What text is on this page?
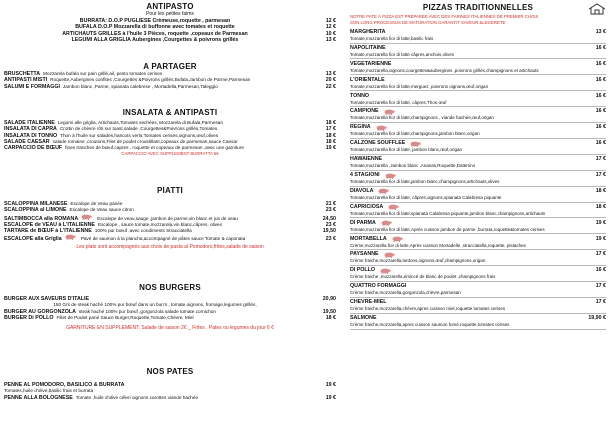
ANTIPASTO
Pour les petites faims
BURRATA: D.O.P PUGLIESE Crèmeuse,roquette , parmesan	12 €
BUFALA D.O.P Mozzarella di buffonne avec tomates et roquette	12 €
ARTICHAUTS GRILLES à l'huile 3 Pièces, roquette ,copeaux de Parmesan	10 €
LEGUMI ALLA GRIGLIA Aubergines ,Courgettes & poivrons grillés	13 €
A PARTAGER
BRUSCHETTA Mozzarela bufala sur pain grillé,ail, pesto tomates cerises	13 €
ANTIPASTI MISTI Roquette,Aubergines confites ,Courgettes &Poivrons grillés,Bufala,Jambon de Parme,Parmesan	20 €
SALUMI E FORMAGGI Jambon blanc ,Parme, spianata calebrese , Mortadella,Parmesan,Taleggio	22 €
INSALATA & ANTIPASTI
SALADE ITALIENNE Legumi alle griglia, Artichauts,Tomates sechées, Mozzarela di Bufala,Parmesan	18 €
INSALATA DI CAPRA Crottin de chèvre rôti sur toast,salade ,Courgettes&Poivrons grillés,Tomates	17 €
INSALATA DI TONNO Thon à l'huile sur salades,haricots verts,Tomates cerises,oignons,œuf,olives	18 €
SALADE CAESAR salade romaine ,croutons,Filet de poulet croustillant,copeaux de parmesan,sauce Caesar	18 €
CARPACCIO DE BŒUF fines tranches de bœuf,capres , roquette et copeaux de parmesan ,avec une garniture	19 €
CARPACCIO AVEC SUPPLEMENT BURRATTA 5€
PIATTI
SCALOPPINA MILANESE Escalope de Veau panée	21 €
SCALOPPINA al LIMONE Escalope de Veau sauce citron	23 €
SALTIMBOCCA alla ROMANA	Escalope de veau,sauge ,jambon de parme,vin blanc et jus de veau	24,50
ESCALOPE de VEAU à L'ITALIENNE Escalope , sauce tomate,mozzarela,vin blanc,câpres, olives	23 €
TARTARE de BŒUF à L'ITALIENNE 100% pur bœuf ,avec condiments Stracciatella	19,50
ESCALOPE alla Griglia	Pavé de saumon à la plancha,accompagné de pâtes sauce Tomate & caponata	23 €
Les plats sont accompagnés aux choix de pasta al Pomodoro,frites,salade de saison
NOS BURGERS
BURGER AUX SAVEURS D'ITALIE	20,90
150 Grs de steak haché 100% pur bœuf dans un bun's , tomate,oignons, fromage,legumes grillés,
BURGER AU GORGONZOLA steak haché 100% pur bœuf ,gorgonzola salade tomate cornichon	19,50
BURGER Di POLLO Fillet de Poulet pané Sauce Burger,Roquette,Tomate,Chèvre, Miel	18 €
GARNITURE EN SUPPLÉMENT: Salade de saison 2€ _ Frites , Pates ou legumes du jour 6 €
NOS PATES
PENNE AL POMODORO, BASILICO & BURRATA	19 €
Tomates,huile d'olive,basilic frais et burrata
PENNE ALLA BOLOGNESE Tomate ,huile d'olive céleri oignons carottes viande hachée	19 €
PIZZAS TRADITIONNELLES
NOTRE PATE À PIZZA EST PRÉPARÉE AVEC DES FARINES ITALIENNES DE PREMIER CHOIX
SON LONG PROCESSUS DE MATURATION GARANTIT SAVEUR &LEGERETE
MARGHERITA	13 €
Tomate,mozzarella fior di latte,basilic frais
NAPOLITAINE	16 €
Tomate,mozzarella fior di latte câpres,anchois,olives
VÉGÉTARIENNE	16 €
Tomate,mozzarella,oignons,courgettes&aubergines ,poivrons grillés,champignons et artichauts
L'ORIENTALE	16 €
Tomate,mozzarella fior di latte,merguez, poivrons oignons,œuf,origan
TONNO	16 €
Tomate,mozzarella fior di latte, câpres,Thon,œuf
CAMPIONE	16 €
Tomate,mozzarella fior di latte,champignons , viande hachée,œuf,origan
REGINA	16 €
Tomate,mozzarella fior di latte,champignons,jambon blanc,origan
CALZONE SOUFFLÉE	16 €
Tomate,mozzarella fior di latte, jambon blanc,œuf,origan
HAWAIENNE	17 €
Tomate,mozzarella ,Jambon blanc ,Ananas,Roquette,Datterino
4 STAGIONI	17 €
Tomate,mozzarella fior di latte,jambon blanc,champignons,artichauts,olives
DIAVOLA	18 €
Tomate,mozzarella fior di latte, câpres,oignons,spianata Calabresa piquante
CAPRICIOSA	18 €
Tomate,mozzarella fior di latte,spianata Calabresa piquante,jambon blanc,champignons,artichauts
DI PARMA	19 €
Tomate,mozzarella fior di latte,Après cuisson jambon de parme ,burrata,roquette&tomates cerises
MORTABELLA	19 €
Crème,mozzarella fior di latte,Après cuisson Mortadelle ,stracciatella,roquette, pistaches
PAYSANNE	17 €
Crème fraiche,mozzarella,lardons,oignons,œuf,champignons,origan
DI POLLO	16 €
Crème fraiche ,mozzarella,émincé de blanc de poulet ,champignons frais
QUATTRO FORMAGGI	17 €
Crème fraiche,mozzarella,gorgonzola,chèvre,parmesan
CHÈVRE-MIEL	17 €
Crème fraiche,mozzarella,chèvre,apres cuisson miel,roquette tomates cerises
SALMONE	19,90 €
Crème fraiche,mozzarella,apres cuisson saumon fumé,roquette,tomates cerises
